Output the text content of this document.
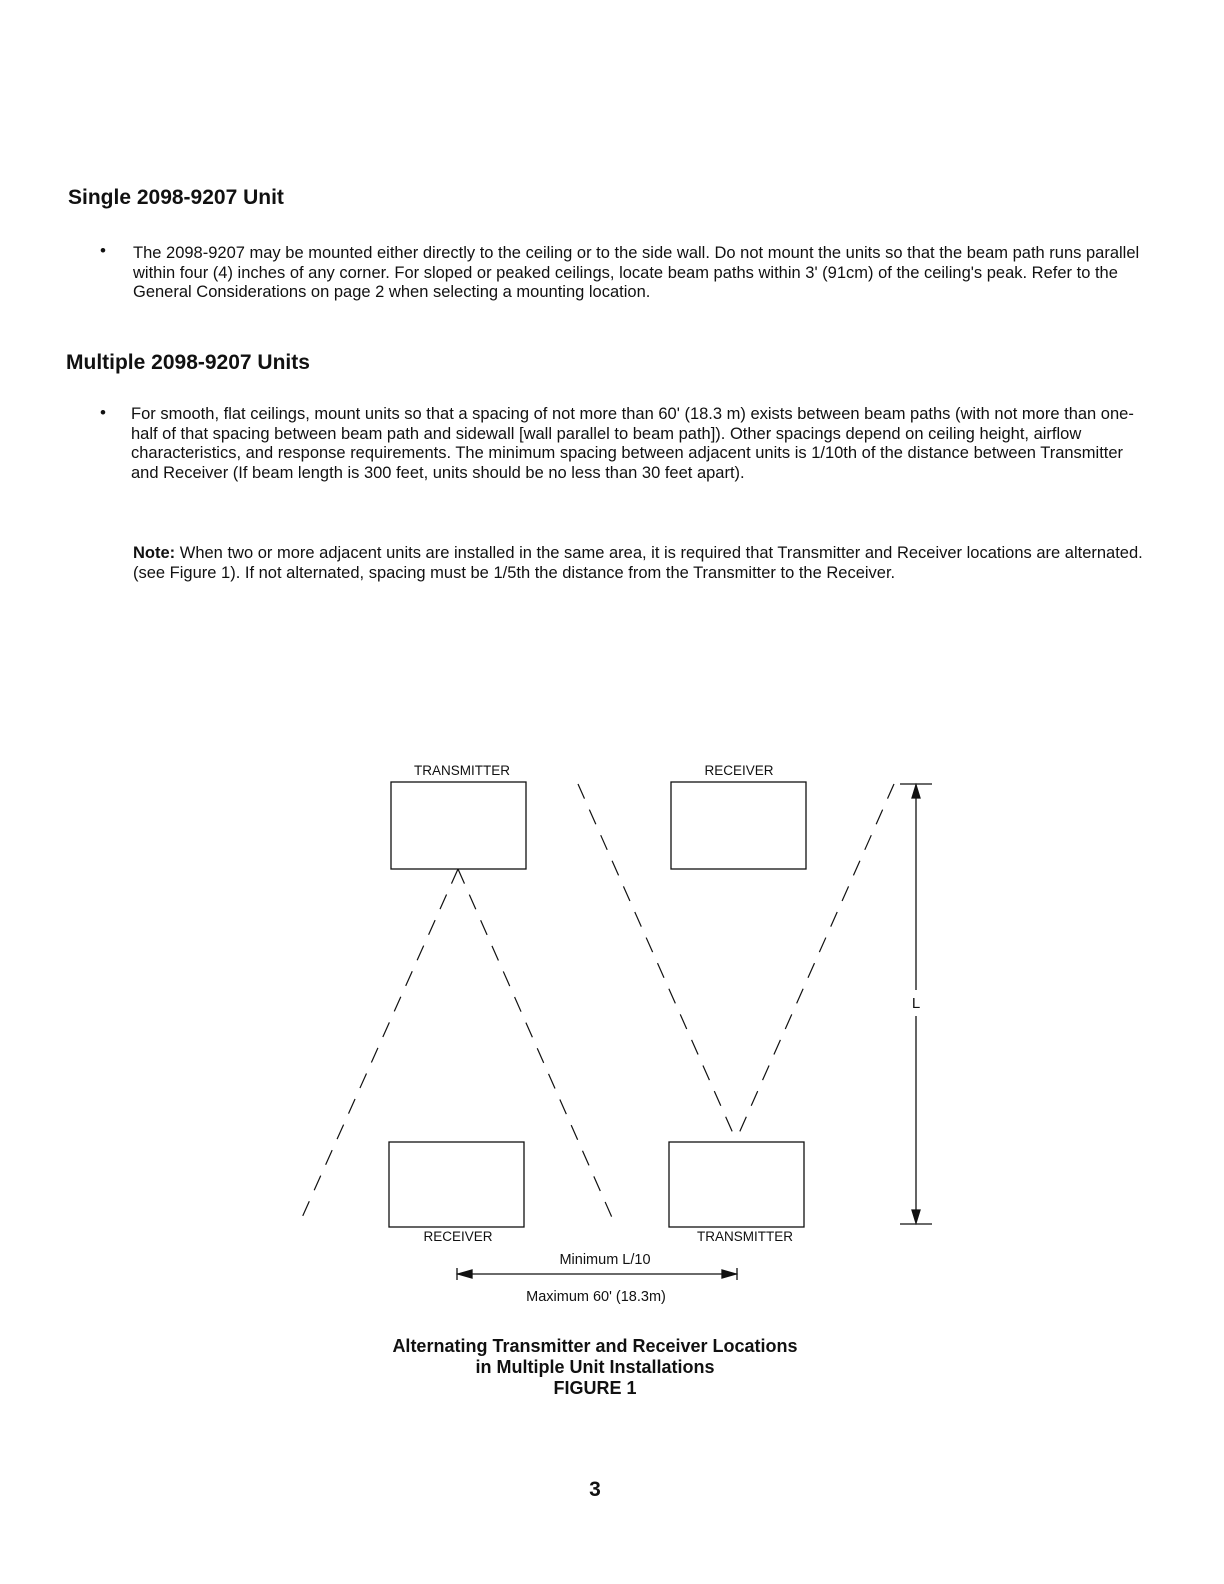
Single 2098-9207 Unit
• The 2098-9207 may be mounted either directly to the ceiling or to the side wall. Do not mount the units so that the beam path runs parallel within four (4) inches of any corner. For sloped or peaked ceilings, locate beam paths within 3' (91cm) of the ceiling's peak. Refer to the General Considerations on page 2 when selecting a mounting location.

Multiple 2098-9207 Units
• For smooth, flat ceilings, mount units so that a spacing of not more than 60' (18.3 m) exists between beam paths (with not more than one-half of that spacing between beam path and sidewall [wall parallel to beam path]). Other spacings depend on ceiling height, airflow characteristics, and response requirements. The minimum spacing between adjacent units is 1/10th of the distance between Transmitter and Receiver (If beam length is 300 feet, units should be no less than 30 feet apart).

Note: When two or more adjacent units are installed in the same area, it is required that Transmitter and Receiver locations are alternated. (see Figure 1). If not alternated, spacing must be 1/5th the distance from the Transmitter to the Receiver.

TRANSMITTER	RECEIVER
RECEIVER	TRANSMITTER
L
Minimum L/10
Maximum 60' (18.3m)

Alternating Transmitter and Receiver Locations

in Multiple Unit Installations

FIGURE 1

3
